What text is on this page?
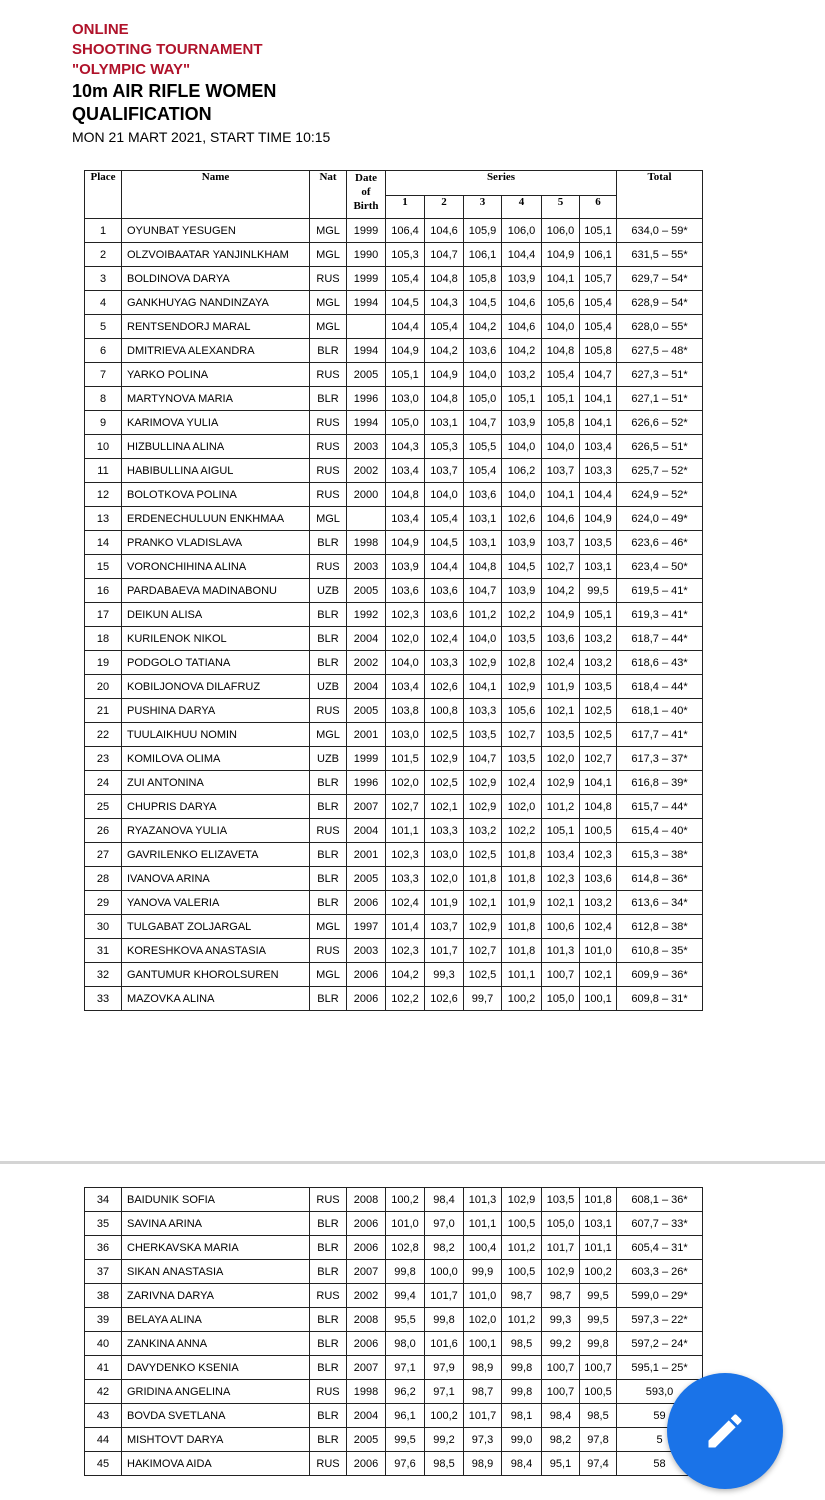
ONLINE
SHOOTING TOURNAMENT
"OLYMPIC WAY"
10m AIR RIFLE WOMEN
QUALIFICATION
MON 21 MART 2021, START TIME 10:15
Place	Name	Nat	Date
of
Birth	Series						Total
				1	2	3	4	5	6	
1	OYUNBAT YESUGEN	MGL	1999	106,4	104,6	105,9	106,0	106,0	105,1	634,0 – 59*
2	OLZVOIBAATAR YANJINLKHAM	MGL	1990	105,3	104,7	106,1	104,4	104,9	106,1	631,5 – 55*
3	BOLDINOVA DARYA	RUS	1999	105,4	104,8	105,8	103,9	104,1	105,7	629,7 – 54*
4	GANKHUYAG NANDINZAYA	MGL	1994	104,5	104,3	104,5	104,6	105,6	105,4	628,9 – 54*
5	RENTSENDORJ MARAL	MGL		104,4	105,4	104,2	104,6	104,0	105,4	628,0 – 55*
6	DMITRIEVA ALEXANDRA	BLR	1994	104,9	104,2	103,6	104,2	104,8	105,8	627,5 – 48*
7	YARKO POLINA	RUS	2005	105,1	104,9	104,0	103,2	105,4	104,7	627,3 – 51*
8	MARTYNOVA MARIA	BLR	1996	103,0	104,8	105,0	105,1	105,1	104,1	627,1 – 51*
9	KARIMOVA YULIA	RUS	1994	105,0	103,1	104,7	103,9	105,8	104,1	626,6 – 52*
10	HIZBULLINA ALINA	RUS	2003	104,3	105,3	105,5	104,0	104,0	103,4	626,5 – 51*
11	HABIBULLINA AIGUL	RUS	2002	103,4	103,7	105,4	106,2	103,7	103,3	625,7 – 52*
12	BOLOTKOVA POLINA	RUS	2000	104,8	104,0	103,6	104,0	104,1	104,4	624,9 – 52*
13	ERDENECHULUUN ENKHMAA	MGL		103,4	105,4	103,1	102,6	104,6	104,9	624,0 – 49*
14	PRANKO VLADISLAVA	BLR	1998	104,9	104,5	103,1	103,9	103,7	103,5	623,6 – 46*
15	VORONCHIHINA ALINA	RUS	2003	103,9	104,4	104,8	104,5	102,7	103,1	623,4 – 50*
16	PARDABAEVA MADINABONU	UZB	2005	103,6	103,6	104,7	103,9	104,2	99,5	619,5 – 41*
17	DEIKUN ALISA	BLR	1992	102,3	103,6	101,2	102,2	104,9	105,1	619,3 – 41*
18	KURILENOK NIKOL	BLR	2004	102,0	102,4	104,0	103,5	103,6	103,2	618,7 – 44*
19	PODGOLO TATIANA	BLR	2002	104,0	103,3	102,9	102,8	102,4	103,2	618,6 – 43*
20	KOBILJONOVA DILAFRUZ	UZB	2004	103,4	102,6	104,1	102,9	101,9	103,5	618,4 – 44*
21	PUSHINA DARYA	RUS	2005	103,8	100,8	103,3	105,6	102,1	102,5	618,1 – 40*
22	TUULAIKHUU NOMIN	MGL	2001	103,0	102,5	103,5	102,7	103,5	102,5	617,7 – 41*
23	KOMILOVA OLIMA	UZB	1999	101,5	102,9	104,7	103,5	102,0	102,7	617,3 – 37*
24	ZUI ANTONINA	BLR	1996	102,0	102,5	102,9	102,4	102,9	104,1	616,8 – 39*
25	CHUPRIS DARYA	BLR	2007	102,7	102,1	102,9	102,0	101,2	104,8	615,7 – 44*
26	RYAZANOVA YULIA	RUS	2004	101,1	103,3	103,2	102,2	105,1	100,5	615,4 – 40*
27	GAVRILENKO ELIZAVETA	BLR	2001	102,3	103,0	102,5	101,8	103,4	102,3	615,3 – 38*
28	IVANOVA ARINA	BLR	2005	103,3	102,0	101,8	101,8	102,3	103,6	614,8 – 36*
29	YANOVA VALERIA	BLR	2006	102,4	101,9	102,1	101,9	102,1	103,2	613,6 – 34*
30	TULGABAT ZOLJARGAL	MGL	1997	101,4	103,7	102,9	101,8	100,6	102,4	612,8 – 38*
31	KORESHKOVA ANASTASIA	RUS	2003	102,3	101,7	102,7	101,8	101,3	101,0	610,8 – 35*
32	GANTUMUR KHOROLSUREN	MGL	2006	104,2	99,3	102,5	101,1	100,7	102,1	609,9 – 36*
33	MAZOVKA ALINA	BLR	2006	102,2	102,6	99,7	100,2	105,0	100,1	609,8 – 31*
34	BAIDUNIK SOFIA	RUS	2008	100,2	98,4	101,3	102,9	103,5	101,8	608,1 – 36*
35	SAVINA ARINA	BLR	2006	101,0	97,0	101,1	100,5	105,0	103,1	607,7 – 33*
36	CHERKAVSKA MARIA	BLR	2006	102,8	98,2	100,4	101,2	101,7	101,1	605,4 – 31*
37	SIKAN ANASTASIA	BLR	2007	99,8	100,0	99,9	100,5	102,9	100,2	603,3 – 26*
38	ZARIVNA DARYA	RUS	2002	99,4	101,7	101,0	98,7	98,7	99,5	599,0 – 29*
39	BELAYA ALINA	BLR	2008	95,5	99,8	102,0	101,2	99,3	99,5	597,3 – 22*
40	ZANKINA ANNA	BLR	2006	98,0	101,6	100,1	98,5	99,2	99,8	597,2 – 24*
41	DAVYDENKO KSENIA	BLR	2007	97,1	97,9	98,9	99,8	100,7	100,7	595,1 – 25*
42	GRIDINA ANGELINA	RUS	1998	96,2	97,1	98,7	99,8	100,7	100,5	593,0
43	BOVDA SVETLANA	BLR	2004	96,1	100,2	101,7	98,1	98,4	98,5	59
44	MISHTOVT DARYA	BLR	2005	99,5	99,2	97,3	99,0	98,2	97,8	5
45	HAKIMOVA AIDA	RUS	2006	97,6	98,5	98,9	98,4	95,1	97,4	58
